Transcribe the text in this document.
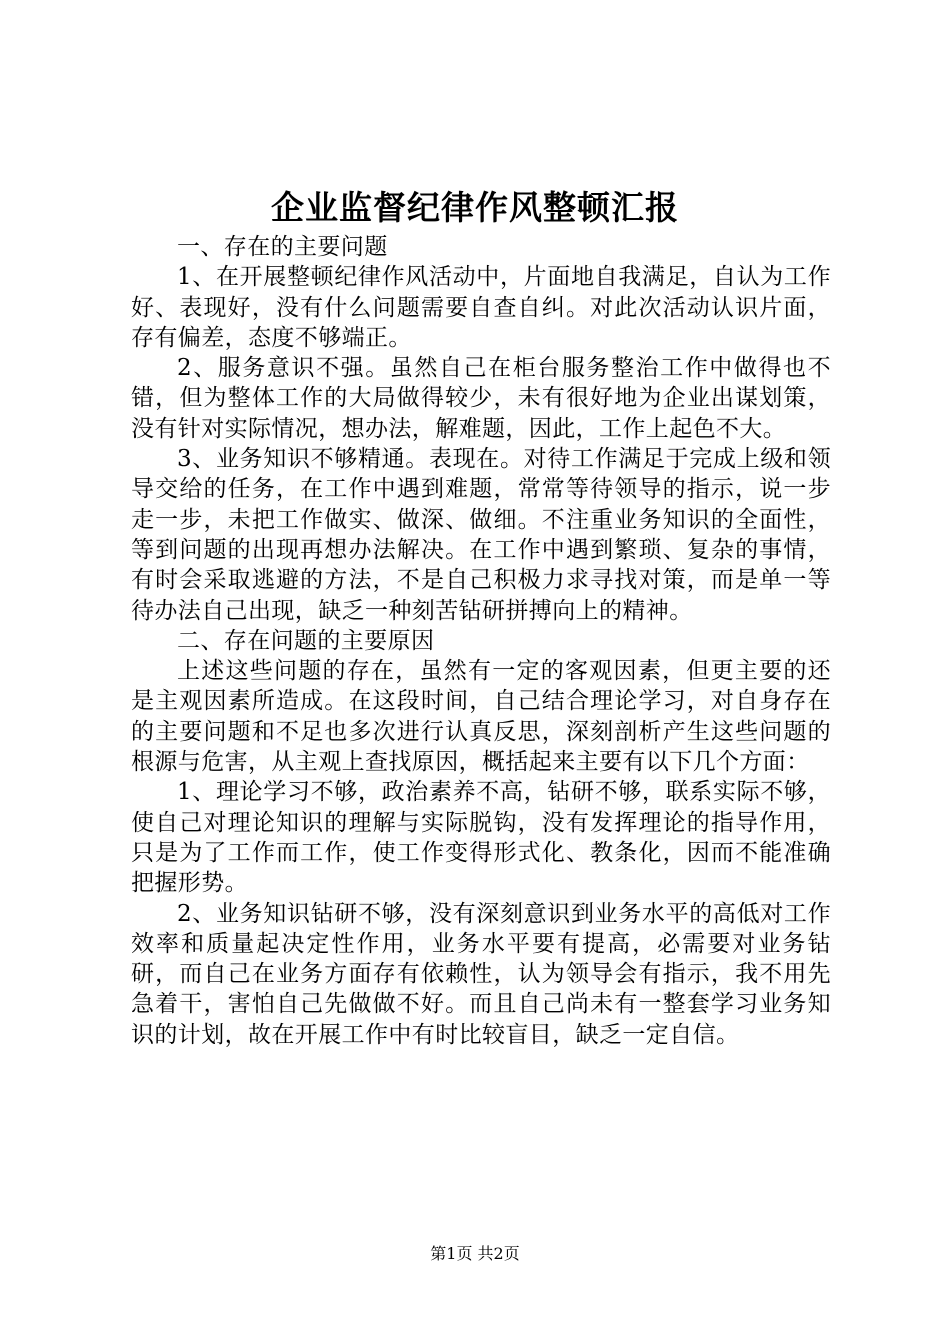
企业监督纪律作风整顿汇报

一、存在的主要问题

1、在开展整顿纪律作风活动中，片面地自我满足，自认为工作好、表现好，没有什么问题需要自查自纠。对此次活动认识片面，存有偏差，态度不够端正。

2、服务意识不强。虽然自己在柜台服务整治工作中做得也不错，但为整体工作的大局做得较少，未有很好地为企业出谋划策，没有针对实际情况，想办法，解难题，因此，工作上起色不大。

3、业务知识不够精通。表现在。对待工作满足于完成上级和领导交给的任务，在工作中遇到难题，常常等待领导的指示，说一步走一步，未把工作做实、做深、做细。不注重业务知识的全面性，等到问题的出现再想办法解决。在工作中遇到繁琐、复杂的事情，有时会采取逃避的方法，不是自己积极力求寻找对策，而是单一等待办法自己出现，缺乏一种刻苦钻研拼搏向上的精神。

二、存在问题的主要原因

上述这些问题的存在，虽然有一定的客观因素，但更主要的还是主观因素所造成。在这段时间，自己结合理论学习，对自身存在的主要问题和不足也多次进行认真反思，深刻剖析产生这些问题的根源与危害，从主观上查找原因，概括起来主要有以下几个方面：

1、理论学习不够，政治素养不高，钻研不够，联系实际不够，使自己对理论知识的理解与实际脱钩，没有发挥理论的指导作用，只是为了工作而工作，使工作变得形式化、教条化，因而不能准确把握形势。

2、业务知识钻研不够，没有深刻意识到业务水平的高低对工作效率和质量起决定性作用，业务水平要有提高，必需要对业务钻研，而自己在业务方面存有依赖性，认为领导会有指示，我不用先急着干，害怕自己先做做不好。而且自己尚未有一整套学习业务知识的计划，故在开展工作中有时比较盲目，缺乏一定自信。

第1页 共2页
